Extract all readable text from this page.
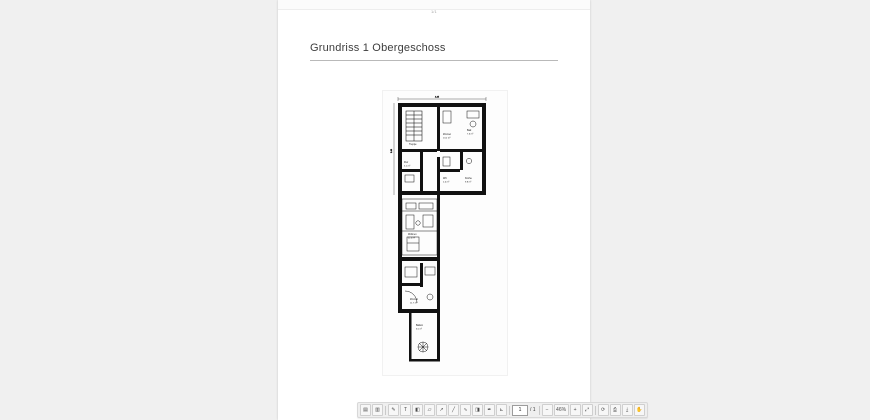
1/1
Grundriss 1 Obergeschoss
Treppe
Zimmer
13.2 m²
Bad
7.6 m²
Flur
5.1 m²
WC
2.4 m²
Küche
9.8 m²
Wohnen
22.4 m²
Zimmer
11.7 m²
Balkon
6.0 m²
4.25
3.60
▤	▥	✎	T	◧	▱	↗	╱	∿	◨	✒	⊾	1	/ 1	−	46%	+	⤢	⟳	⎙	⤓	✋
